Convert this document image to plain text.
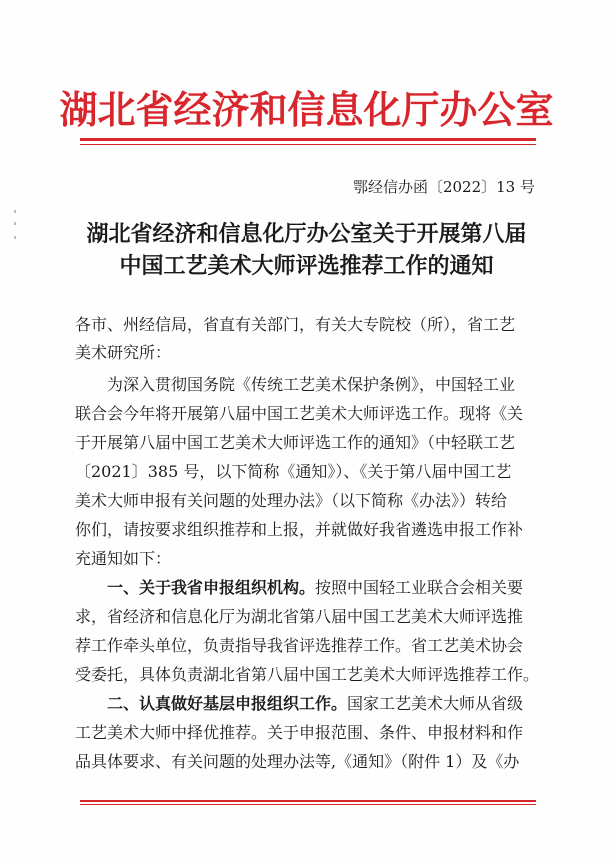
湖北省经济和信息化厅办公室
鄂经信办函〔2022〕13 号
湖北省经济和信息化厅办公室关于开展第八届
中国工艺美术大师评选推荐工作的通知
各市、州经信局，省直有关部门，有关大专院校（所），省工艺
美术研究所：
为深入贯彻国务院《传统工艺美术保护条例》，中国轻工业
联合会今年将开展第八届中国工艺美术大师评选工作。现将《关
于开展第八届中国工艺美术大师评选工作的通知》（中轻联工艺
〔2021〕385 号，以下简称《通知》）、《关于第八届中国工艺
美术大师申报有关问题的处理办法》（以下简称《办法》）转给
你们，请按要求组织推荐和上报，并就做好我省遴选申报工作补
充通知如下：
一、关于我省申报组织机构。按照中国轻工业联合会相关要
求，省经济和信息化厅为湖北省第八届中国工艺美术大师评选推
荐工作牵头单位，负责指导我省评选推荐工作。省工艺美术协会
受委托，具体负责湖北省第八届中国工艺美术大师评选推荐工作。
二、认真做好基层申报组织工作。国家工艺美术大师从省级
工艺美术大师中择优推荐。关于申报范围、条件、申报材料和作
品具体要求、有关问题的处理办法等,《通知》（附件 1）及《办
